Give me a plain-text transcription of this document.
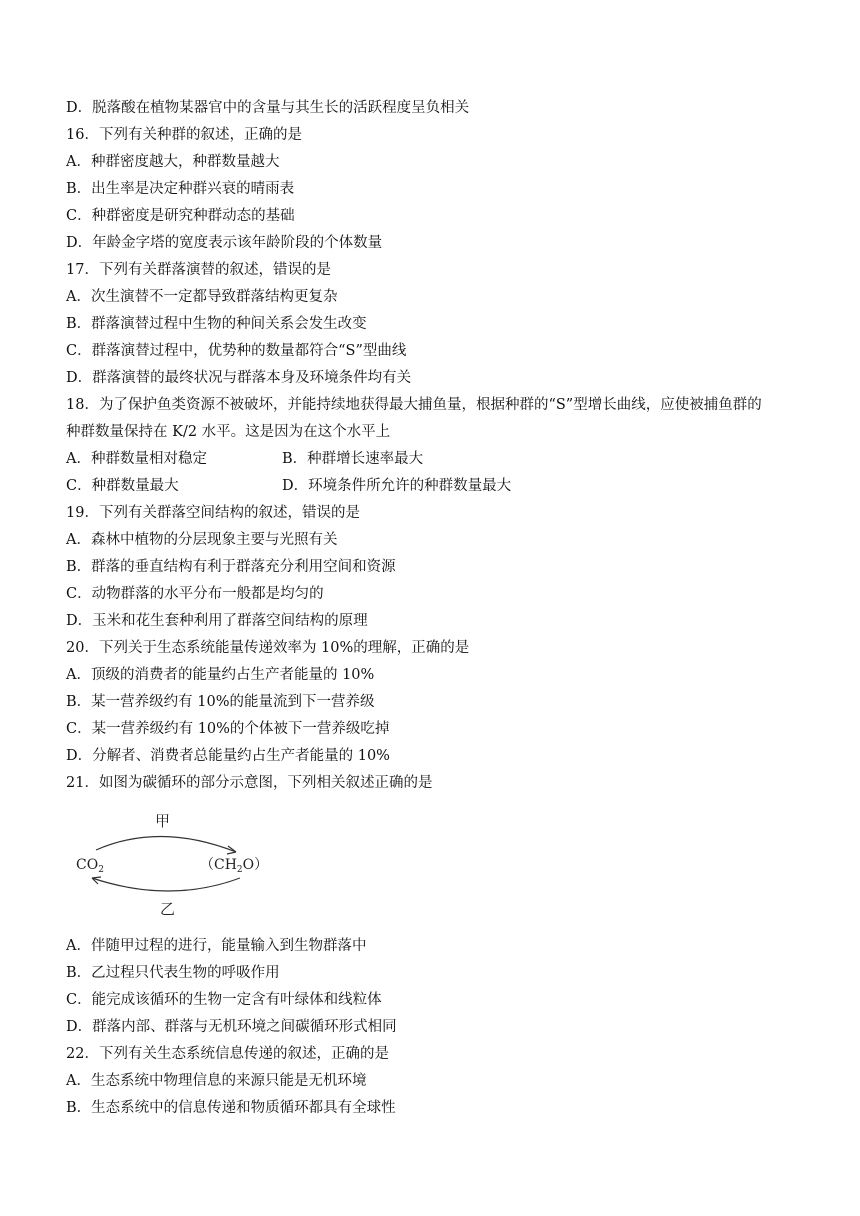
D．脱落酸在植物某器官中的含量与其生长的活跃程度呈负相关
16．下列有关种群的叙述，正确的是
A．种群密度越大，种群数量越大
B．出生率是决定种群兴衰的晴雨表
C．种群密度是研究种群动态的基础
D．年龄金字塔的宽度表示该年龄阶段的个体数量
17．下列有关群落演替的叙述，错误的是
A．次生演替不一定都导致群落结构更复杂
B．群落演替过程中生物的种间关系会发生改变
C．群落演替过程中，优势种的数量都符合“S”型曲线
D．群落演替的最终状况与群落本身及环境条件均有关
18．为了保护鱼类资源不被破坏，并能持续地获得最大捕鱼量，根据种群的“S”型增长曲线，应使被捕鱼群的
种群数量保持在 K/2 水平。这是因为在这个水平上
A．种群数量相对稳定	B．种群增长速率最大
C．种群数量最大	D．环境条件所允许的种群数量最大
19．下列有关群落空间结构的叙述，错误的是
A．森林中植物的分层现象主要与光照有关
B．群落的垂直结构有利于群落充分利用空间和资源
C．动物群落的水平分布一般都是均匀的
D．玉米和花生套种利用了群落空间结构的原理
20．下列关于生态系统能量传递效率为 10%的理解，正确的是
A．顶级的消费者的能量约占生产者能量的 10%
B．某一营养级约有 10%的能量流到下一营养级
C．某一营养级约有 10%的个体被下一营养级吃掉
D．分解者、消费者总能量约占生产者能量的 10%
21．如图为碳循环的部分示意图，下列相关叙述正确的是
甲
$CO_2$	$(CH_2O)$
乙
A．伴随甲过程的进行，能量输入到生物群落中
B．乙过程只代表生物的呼吸作用
C．能完成该循环的生物一定含有叶绿体和线粒体
D．群落内部、群落与无机环境之间碳循环形式相同
22．下列有关生态系统信息传递的叙述，正确的是
A．生态系统中物理信息的来源只能是无机环境
B．生态系统中的信息传递和物质循环都具有全球性
